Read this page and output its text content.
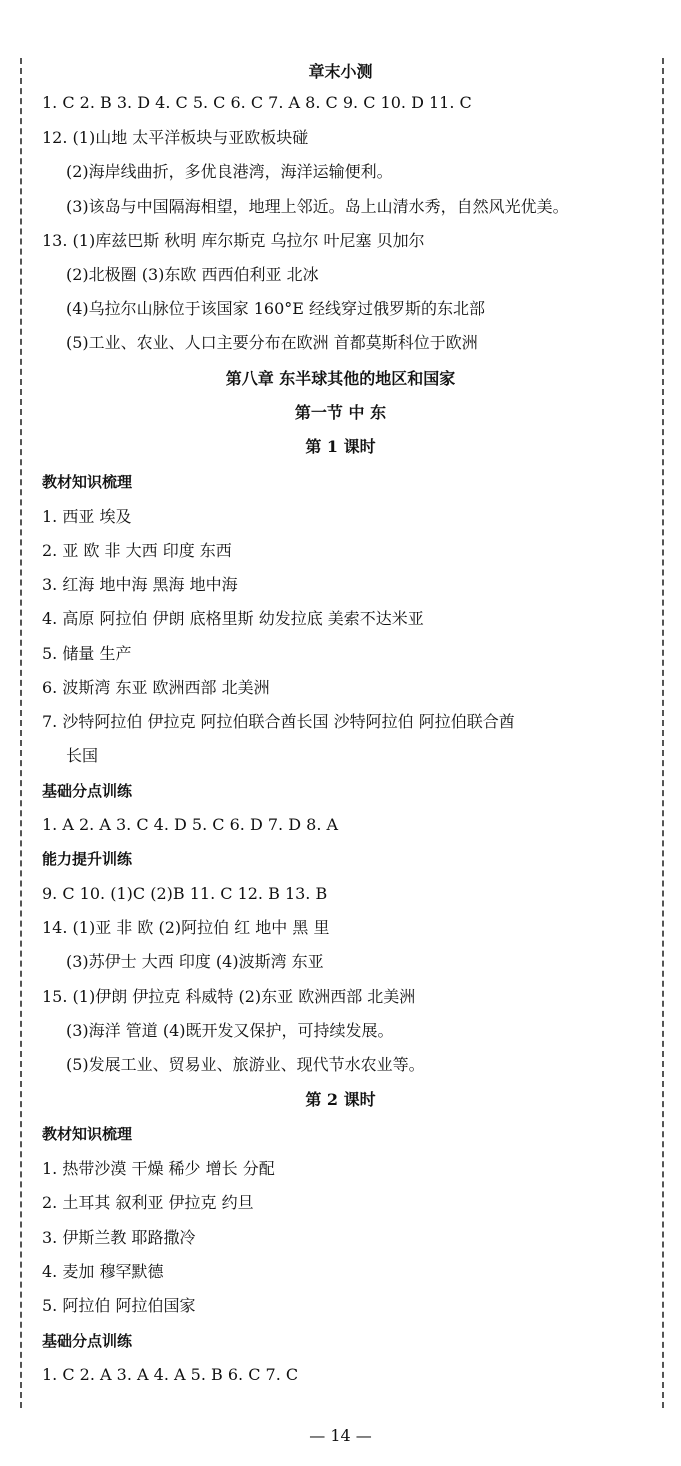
章末小测
1. C 2. B 3. D 4. C 5. C 6. C 7. A 8. C 9. C 10. D 11. C
12. (1)山地 太平洋板块与亚欧板块碰
(2)海岸线曲折，多优良港湾，海洋运输便利。
(3)该岛与中国隔海相望，地理上邻近。岛上山清水秀，自然风光优美。
13. (1)库兹巴斯 秋明 库尔斯克 乌拉尔 叶尼塞 贝加尔
(2)北极圈 (3)东欧 西西伯利亚 北冰
(4)乌拉尔山脉位于该国家 160°E 经线穿过俄罗斯的东北部
(5)工业、农业、人口主要分布在欧洲 首都莫斯科位于欧洲
第八章 东半球其他的地区和国家
第一节 中 东
第 1 课时
教材知识梳理
1. 西亚 埃及
2. 亚 欧 非 大西 印度 东西
3. 红海 地中海 黑海 地中海
4. 高原 阿拉伯 伊朗 底格里斯 幼发拉底 美索不达米亚
5. 储量 生产
6. 波斯湾 东亚 欧洲西部 北美洲
7. 沙特阿拉伯 伊拉克 阿拉伯联合酋长国 沙特阿拉伯 阿拉伯联合酋
长国
基础分点训练
1. A 2. A 3. C 4. D 5. C 6. D 7. D 8. A
能力提升训练
9. C 10. (1)C (2)B 11. C 12. B 13. B
14. (1)亚 非 欧 (2)阿拉伯 红 地中 黑 里
(3)苏伊士 大西 印度 (4)波斯湾 东亚
15. (1)伊朗 伊拉克 科威特 (2)东亚 欧洲西部 北美洲
(3)海洋 管道 (4)既开发又保护，可持续发展。
(5)发展工业、贸易业、旅游业、现代节水农业等。
第 2 课时
教材知识梳理
1. 热带沙漠 干燥 稀少 增长 分配
2. 土耳其 叙利亚 伊拉克 约旦
3. 伊斯兰教 耶路撒冷
4. 麦加 穆罕默德
5. 阿拉伯 阿拉伯国家
基础分点训练
1. C 2. A 3. A 4. A 5. B 6. C 7. C
— 14 —
